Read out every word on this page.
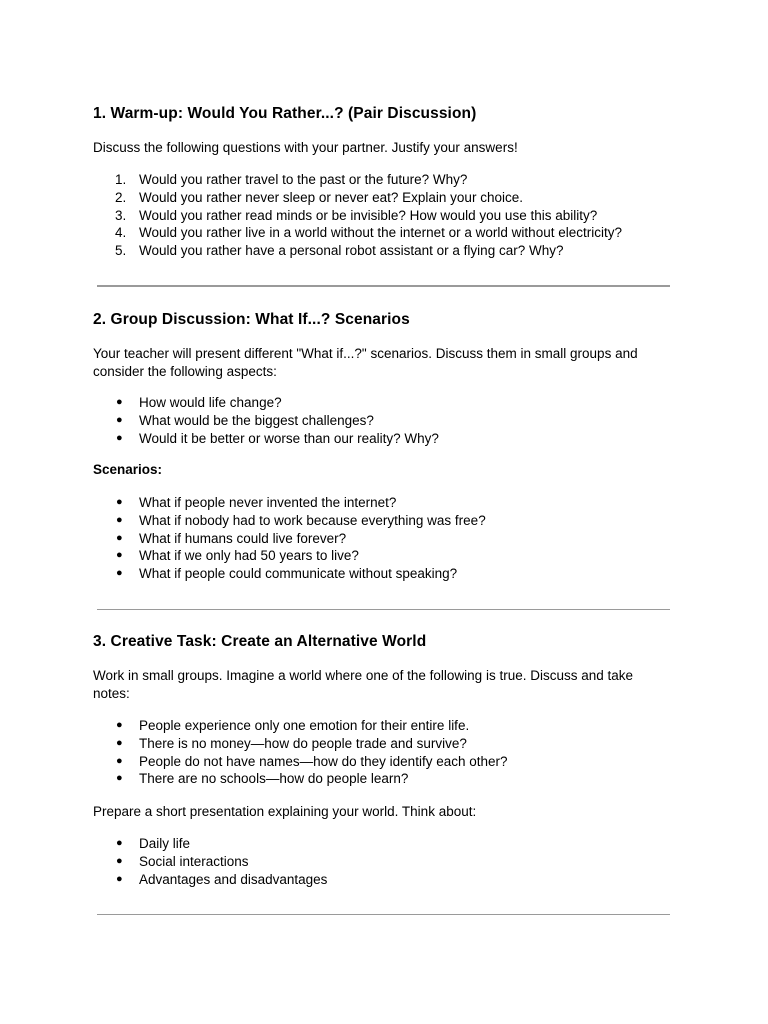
1. Warm-up: Would You Rather...? (Pair Discussion)

Discuss the following questions with your partner. Justify your answers!

1. Would you rather travel to the past or the future? Why?
2. Would you rather never sleep or never eat? Explain your choice.
3. Would you rather read minds or be invisible? How would you use this ability?
4. Would you rather live in a world without the internet or a world without electricity?
5. Would you rather have a personal robot assistant or a flying car? Why?
2. Group Discussion: What If...? Scenarios

Your teacher will present different "What if...?" scenarios. Discuss them in small groups and consider the following aspects:

● How would life change?
● What would be the biggest challenges?
● Would it be better or worse than our reality? Why?

Scenarios:

● What if people never invented the internet?
● What if nobody had to work because everything was free?
● What if humans could live forever?
● What if we only had 50 years to live?
● What if people could communicate without speaking?
3. Creative Task: Create an Alternative World

Work in small groups. Imagine a world where one of the following is true. Discuss and take notes:

● People experience only one emotion for their entire life.
● There is no money—how do people trade and survive?
● People do not have names—how do they identify each other?
● There are no schools—how do people learn?

Prepare a short presentation explaining your world. Think about:

● Daily life
● Social interactions
● Advantages and disadvantages
